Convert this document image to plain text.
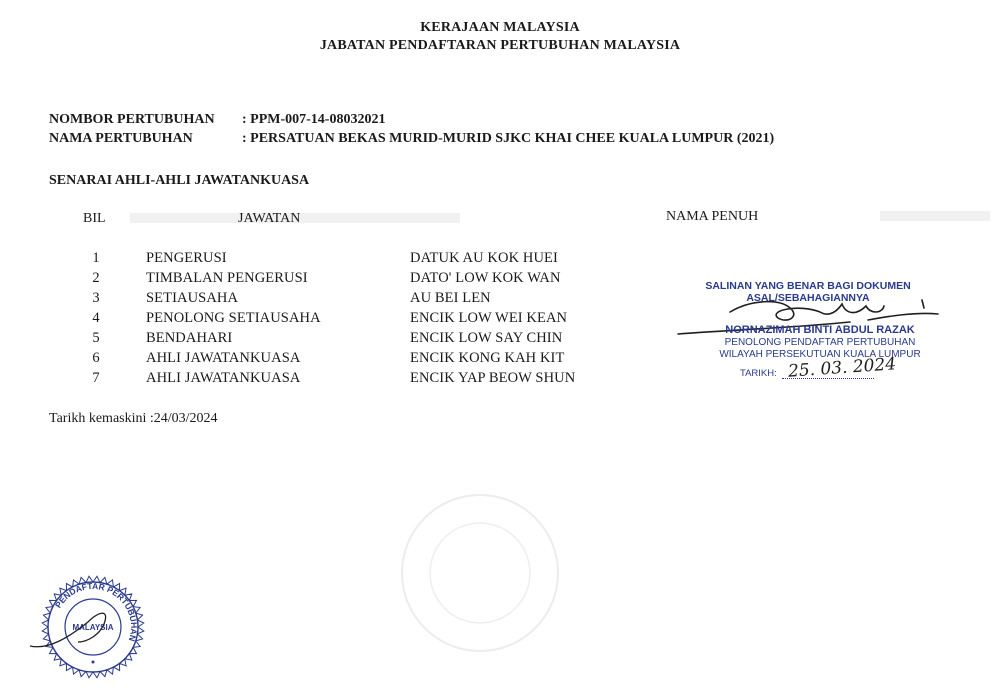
KERAJAAN MALAYSIA
JABATAN PENDAFTARAN PERTUBUHAN MALAYSIA
NOMBOR PERTUBUHAN : PPM-007-14-08032021
NAMA PERTUBUHAN	: PERSATUAN BEKAS MURID-MURID SJKC KHAI CHEE KUALA LUMPUR (2021)
SENARAI AHLI-AHLI JAWATANKUASA
BIL	JAWATAN	NAMA PENUH
1	PENGERUSI	DATUK AU KOK HUEI
2	TIMBALAN PENGERUSI	DATO' LOW KOK WAN
3	SETIAUSAHA	AU BEI LEN
4	PENOLONG SETIAUSAHA	ENCIK LOW WEI KEAN
5	BENDAHARI	ENCIK LOW SAY CHIN
6	AHLI JAWATANKUASA	ENCIK KONG KAH KIT
7	AHLI JAWATANKUASA	ENCIK YAP BEOW SHUN
Tarikh kemaskini :24/03/2024
SALINAN YANG BENAR BAGI DOKUMEN
ASAL/SEBAHAGIANNYA
NORNAZIMAH BINTI ABDUL RAZAK
PENOLONG PENDAFTAR PERTUBUHAN
WILAYAH PERSEKUTUAN KUALA LUMPUR
TARIKH: 25. 03. 2024
PENDAFTAR PERTUBUHAN
MALAYSIA
